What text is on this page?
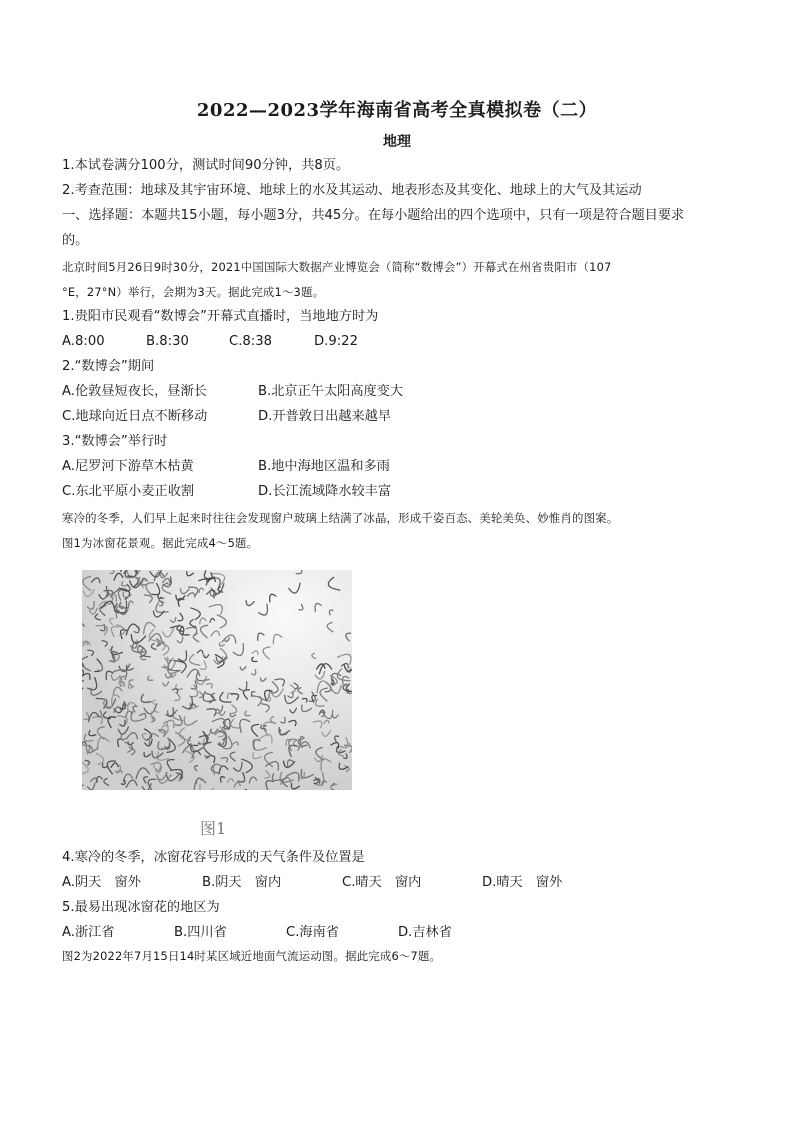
2022—2023学年海南省高考全真模拟卷（二）
地理
1.本试卷满分100分，测试时间90分钟，共8页。
2.考查范围：地球及其宇宙环境、地球上的水及其运动、地表形态及其变化、地球上的大气及其运动
一、选择题：本题共15小题，每小题3分，共45分。在每小题给出的四个选项中，只有一项是符合题目要求
的。
北京时间5月26日9时30分，2021中国国际大数据产业博览会（简称“数博会”）开幕式在州省贵阳市（107
°E，27°N）举行，会期为3天。据此完成1～3题。
1.贵阳市民观看“数博会”开幕式直播时，当地地方时为
A.8:00	B.8:30	C.8:38	D.9:22
2.“数博会”期间
A.伦敦昼短夜长，昼渐长	B.北京正午太阳高度变大
C.地球向近日点不断移动	D.开普敦日出越来越早
3.“数博会”举行时
A.尼罗河下游草木枯黄	B.地中海地区温和多雨
C.东北平原小麦正收割	D.长江流域降水较丰富
寒冷的冬季，人们早上起来时往往会发现窗户玻璃上结满了冰晶，形成千姿百态、美轮美奂、妙惟肖的图案。
图1为冰窗花景观。据此完成4～5题。
图1
4.寒冷的冬季，冰窗花容号形成的天气条件及位置是
A.阴天　窗外	B.阴天　窗内	C.晴天　窗内	D.晴天　窗外
5.最易出现冰窗花的地区为
A.浙江省	B.四川省	C.海南省	D.吉林省
图2为2022年7月15日14时某区域近地面气流运动图。据此完成6～7题。
